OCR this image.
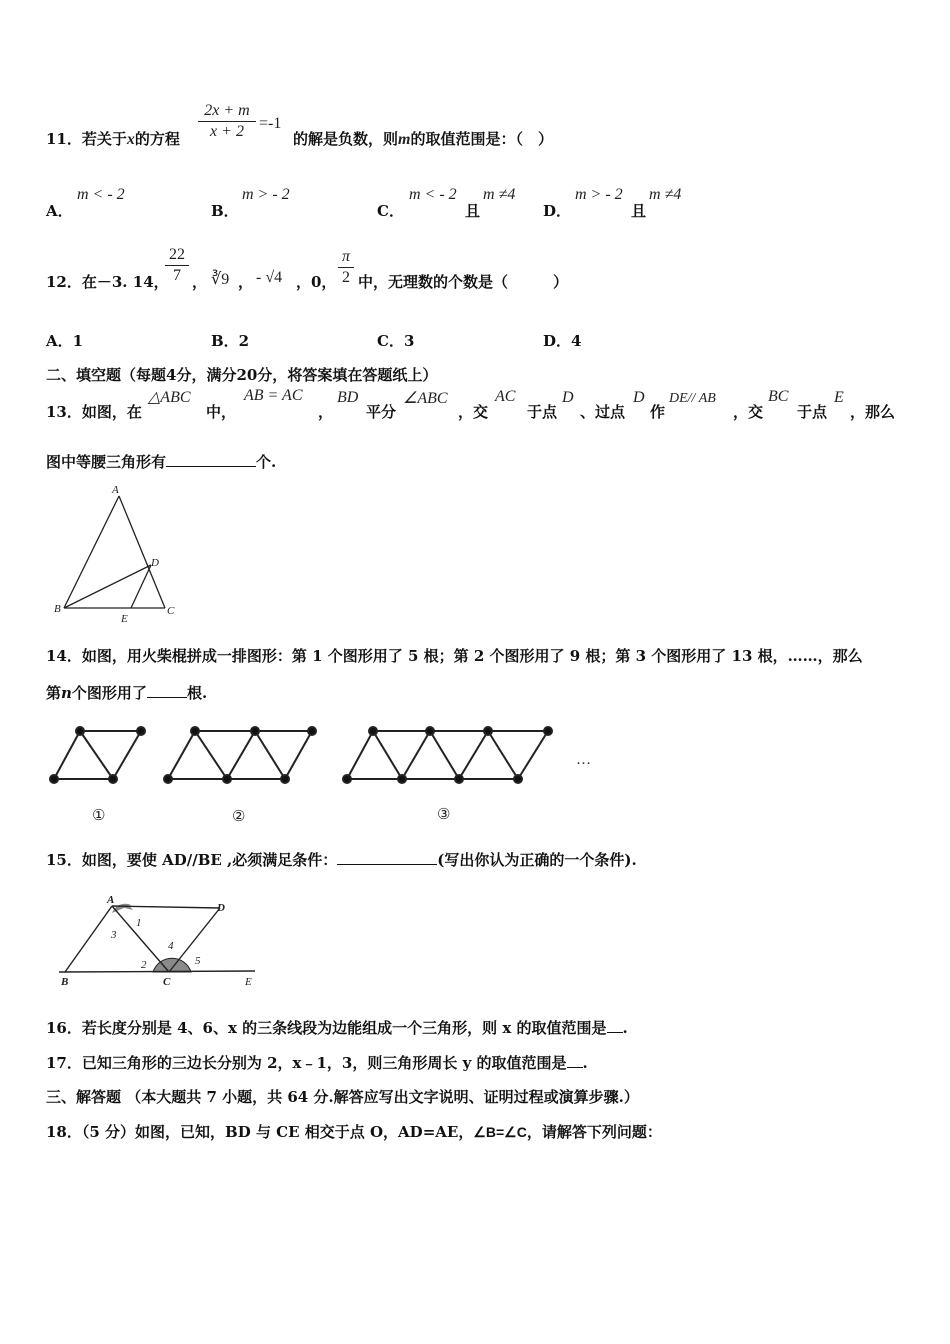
11．若关于x的方程
2x + m
x + 2 =-1
的解是负数，则m的取值范围是：（　）
A．
m < - 2
B．
m > - 2
C．
m < - 2
且
m ≠4
D．
m > - 2
且
m ≠4
12．在－3. 14，
22
7 ， ∛9 ， - √4 ，0，
π
2 中，无理数的个数是（　　　）
A．1	B．2	C．3	D．4
二、填空题（每题4分，满分20分，将答案填在答题纸上）
13．如图，在
△ABC
中，
AB = AC
，
BD
平分
∠ABC
，交
AC
于点
D
、过点
D
作
DE// AB
，交
BC
于点
E
，那么
图中等腰三角形有	个.
A
B	C
D
E
14．如图，用火柴棍拼成一排图形：第 1 个图形用了 5 根；第 2 个图形用了 9 根；第 3 个图形用了 13 根，……，那么
第n个图形用了	根.
…
①	②	③
15．如图，要使 AD//BE ,必须满足条件：	(写出你认为正确的一个条件).
A
D
B	C	E
1
2
3
4
5
16．若长度分别是 4、6、x 的三条线段为边能组成一个三角形，则 x 的取值范围是 .
17．已知三角形的三边长分别为 2，x﹣1，3，则三角形周长 y 的取值范围是 .
三、解答题 （本大题共 7 小题，共 64 分.解答应写出文字说明、证明过程或演算步骤.）
18．（5 分）如图，已知，BD 与 CE 相交于点 O，AD=AE，∠B=∠C，请解答下列问题：
